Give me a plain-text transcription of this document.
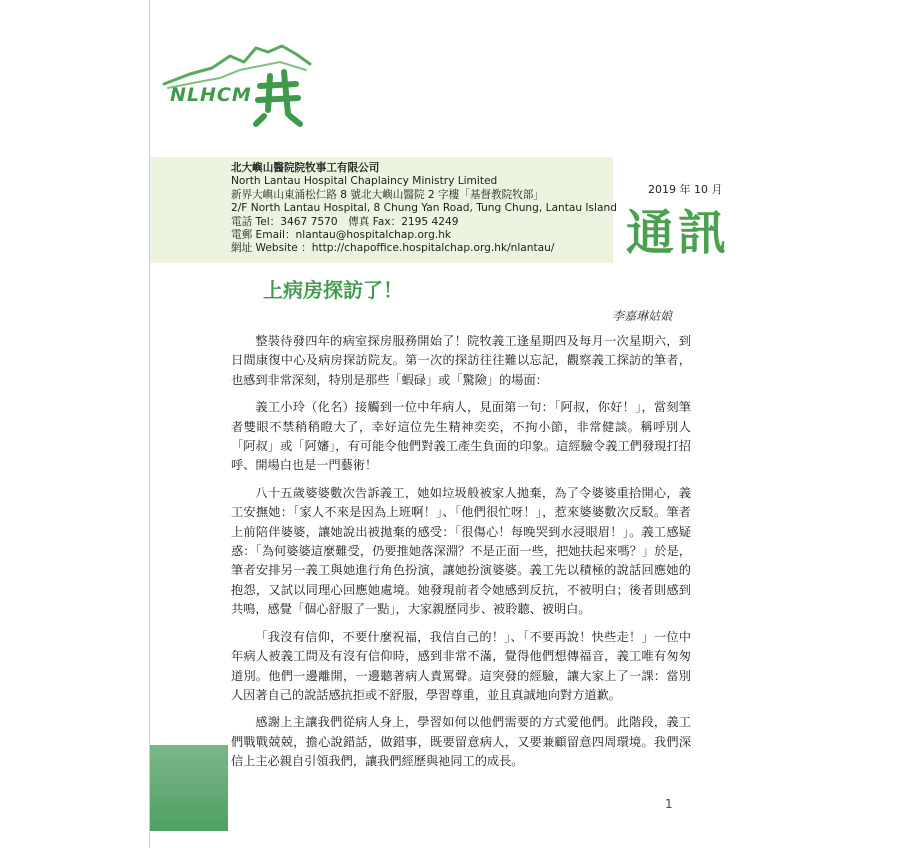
NLHCM
北大嶼山醫院院牧事工有限公司
North Lantau Hospital Chaplaincy Ministry Limited
新界大嶼山東涌松仁路 8 號北大嶼山醫院 2 字樓「基督教院牧部」
2/F North Lantau Hospital, 8 Chung Yan Road, Tung Chung, Lantau Island
電話 Tel：3467 7570　傳真 Fax：2195 4249
電郵 Email：nlantau@hospitalchap.org.hk
網址 Website ：http://chapoffice.hospitalchap.org.hk/nlantau/
2019 年 10 月
通訊
上病房探訪了！
李嘉琳姑娘

整裝待發四年的病室探房服務開始了！院牧義工逢星期四及每月一次星期六，到日間康復中心及病房探訪院友。第一次的探訪往往難以忘記，觀察義工探訪的筆者，也感到非常深刻，特別是那些「蝦碌」或「驚險」的場面：

義工小玲（化名）接觸到一位中年病人，見面第一句：「阿叔，你好！」，當刻筆者雙眼不禁稍稍瞪大了，幸好這位先生精神奕奕，不拘小節，非常健談。稱呼別人「阿叔」或「阿嬸」，有可能令他們對義工產生負面的印象。這經驗令義工們發現打招呼、開場白也是一門藝術！

八十五歲婆婆數次告訴義工，她如垃圾般被家人拋棄，為了令婆婆重拾開心，義工安撫她：「家人不來是因為上班啊！」、「他們很忙呀！」，惹來婆婆數次反駁。筆者上前陪伴婆婆，讓她說出被拋棄的感受：「很傷心！每晚哭到水浸眼眉！」。義工感疑惑：「為何婆婆這麼難受，仍要推她落深淵？不是正面一些，把她扶起來嗎？」於是，筆者安排另一義工與她進行角色扮演，讓她扮演婆婆。義工先以積極的說話回應她的抱怨，又試以同理心回應她處境。她發現前者令她感到反抗，不被明白；後者則感到共鳴，感覺「個心舒服了一點」，大家親歷同步、被聆聽、被明白。

「我沒有信仰，不要什麼祝福，我信自己的！」、「不要再說！快些走！」一位中年病人被義工問及有沒有信仰時，感到非常不滿，覺得他們想傳福音，義工唯有匆匆道別。他們一邊離開，一邊聽著病人責罵聲。這突發的經驗，讓大家上了一課：當別人因著自己的說話感抗拒或不舒服，學習尊重，並且真誠地向對方道歉。

感謝上主讓我們從病人身上，學習如何以他們需要的方式愛他們。此階段，義工們戰戰兢兢，擔心說錯話，做錯事，既要留意病人，又要兼顧留意四周環境。我們深信上主必親自引領我們，讓我們經歷與祂同工的成長。

1
